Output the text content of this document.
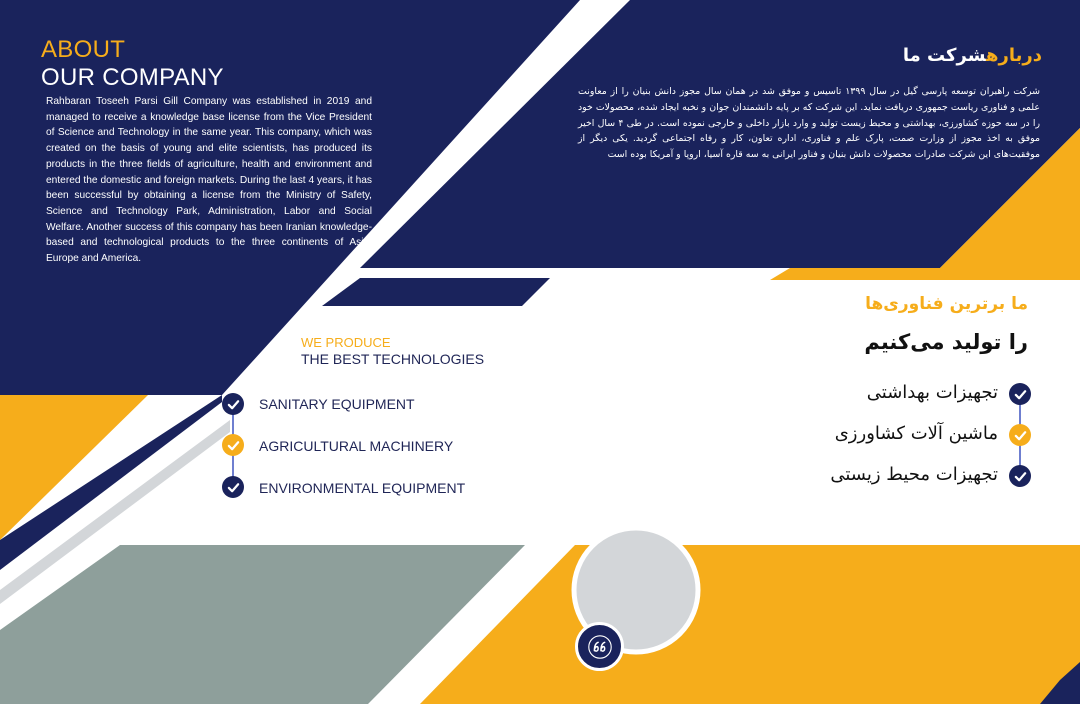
ABOUT
OUR COMPANY
Rahbaran Toseeh Parsi Gill Company was established in 2019 and managed to receive a knowledge base license from the Vice President of Science and Technology in the same year. This company, which was created on the basis of young and elite scientists, has produced its products in the three fields of agriculture, health and environment and entered the domestic and foreign markets. During the last 4 years, it has been successful by obtaining a license from the Ministry of Safety, Science and Technology Park, Administration, Labor and Social Welfare. Another success of this company has been Iranian knowledge-based and technological products to the three continents of Asia, Europe and America.
دربارهشرکت ما
شرکت راهبران توسعه پارسی گیل در سال ۱۳۹۹ تاسیس و موفق شد در همان سال مجوز دانش بنیان را از معاونت علمی و فناوری ریاست جمهوری دریافت نماید. این شرکت که بر پایه دانشمندان جوان و نخبه ایجاد شده، محصولات خود را در سه حوزه کشاورزی، بهداشتی و محیط زیست تولید و وارد بازار داخلی و خارجی نموده است. در طی ۴ سال اخیر موفق به اخذ مجوز از وزارت صمت، پارک علم و فناوری، اداره تعاون، کار و رفاه اجتماعی گردید. یکی دیگر از موفقیت‌های این شرکت صادرات محصولات دانش بنیان و فناور ایرانی به سه قاره آسیا، اروپا و آمریکا بوده است
WE PRODUCE
THE BEST TECHNOLOGIES
SANITARY EQUIPMENT
AGRICULTURAL MACHINERY
ENVIRONMENTAL EQUIPMENT
ما برترین فناوری‌ها
را تولید می‌کنیم
تجهیزات بهداشتی
ماشین آلات کشاورزی
تجهیزات محیط زیستی
